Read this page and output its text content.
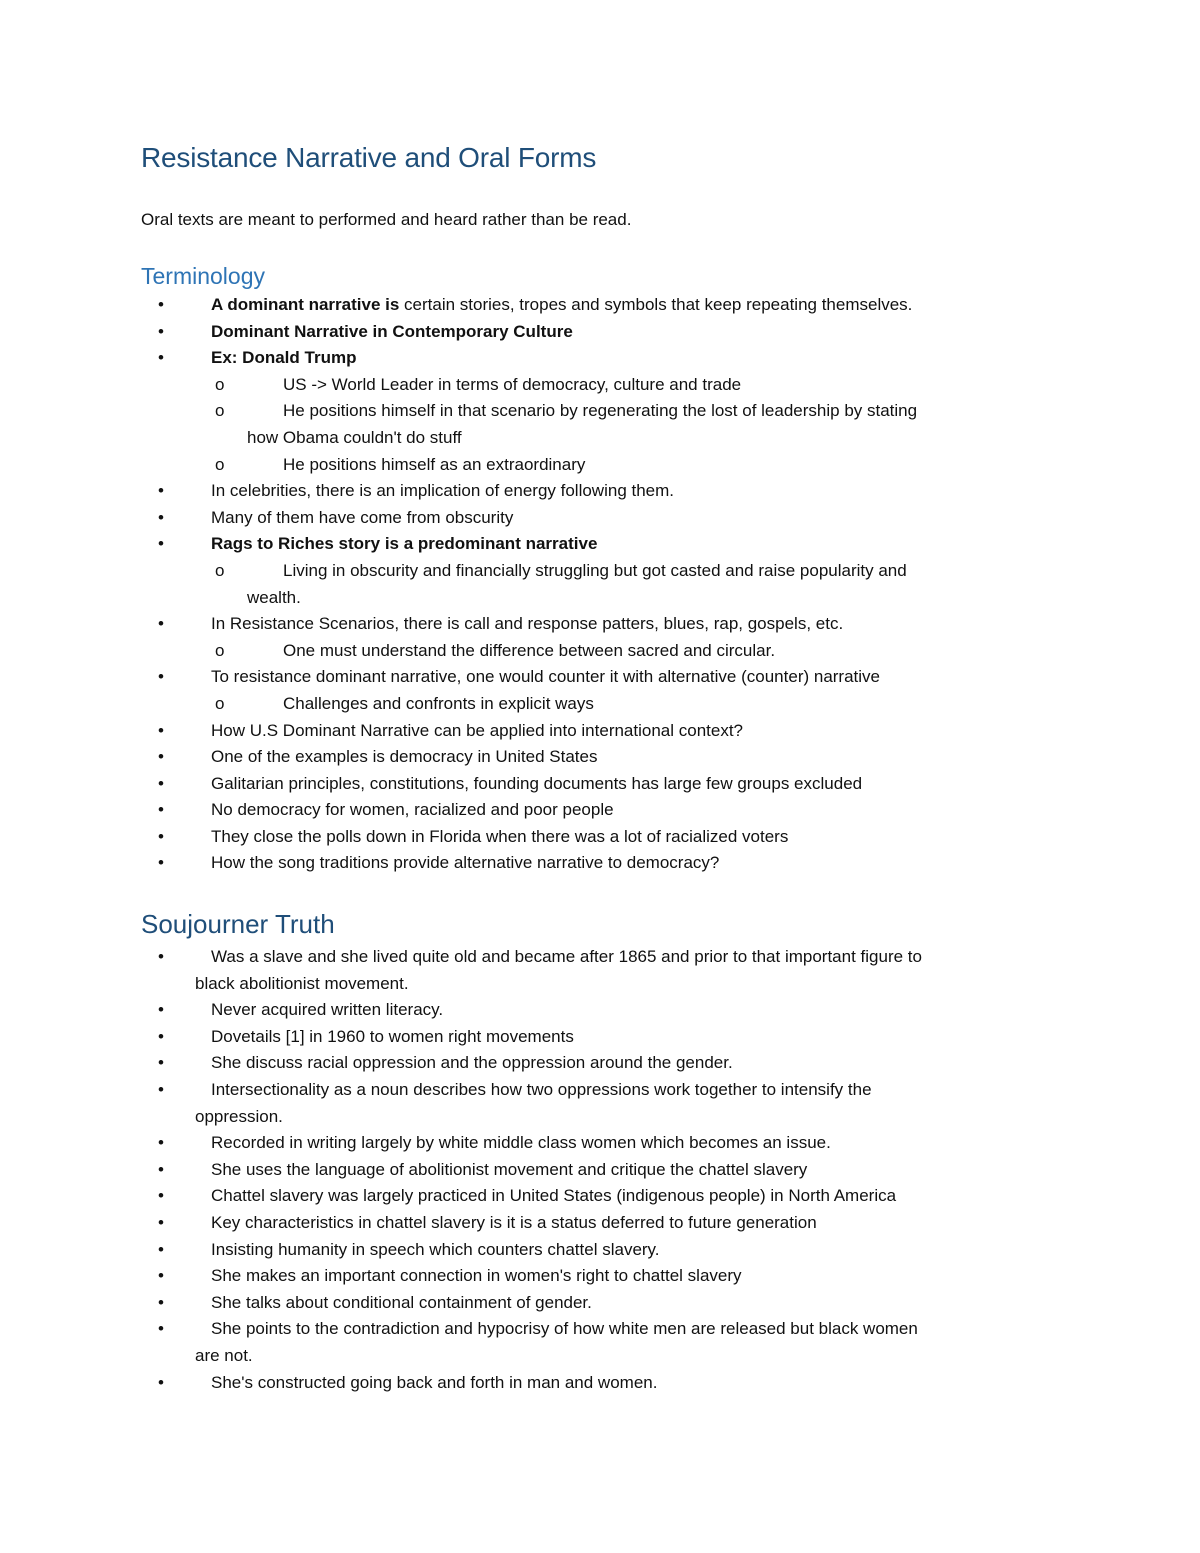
Resistance Narrative and Oral Forms
Oral texts are meant to performed and heard rather than be read.
Terminology
•	A dominant narrative is certain stories, tropes and symbols that keep repeating themselves.
•	Dominant Narrative in Contemporary Culture
•	Ex: Donald Trump
o	US -> World Leader in terms of democracy, culture and trade
o	He positions himself in that scenario by regenerating the lost of leadership by stating
how Obama couldn't do stuff
o	He positions himself as an extraordinary
•	In celebrities, there is an implication of energy following them.
•	Many of them have come from obscurity
•	Rags to Riches story is a predominant narrative
o	Living in obscurity and financially struggling but got casted and raise popularity and
wealth.
•	In Resistance Scenarios, there is call and response patters, blues, rap, gospels, etc.
o	One must understand the difference between sacred and circular.
•	To resistance dominant narrative, one would counter it with alternative (counter) narrative
o	Challenges and confronts in explicit ways
•	How U.S Dominant Narrative can be applied into international context?
•	One of the examples is democracy in United States
•	Galitarian principles, constitutions, founding documents has large few groups excluded
•	No democracy for women, racialized and poor people
•	They close the polls down in Florida when there was a lot of racialized voters
•	How the song traditions provide alternative narrative to democracy?
Soujourner Truth
•	Was a slave and she lived quite old and became after 1865 and prior to that important figure to
black abolitionist movement.
•	Never acquired written literacy.
•	Dovetails [1] in 1960 to women right movements
•	She discuss racial oppression and the oppression around the gender.
•	Intersectionality as a noun describes how two oppressions work together to intensify the
oppression.
•	Recorded in writing largely by white middle class women which becomes an issue.
•	She uses the language of abolitionist movement and critique the chattel slavery
•	Chattel slavery was largely practiced in United States (indigenous people) in North America
•	Key characteristics in chattel slavery is it is a status deferred to future generation
•	Insisting humanity in speech which counters chattel slavery.
•	She makes an important connection in women's right to chattel slavery
•	She talks about conditional containment of gender.
•	She points to the contradiction and hypocrisy of how white men are released but black women
are not.
•	She's constructed going back and forth in man and women.
